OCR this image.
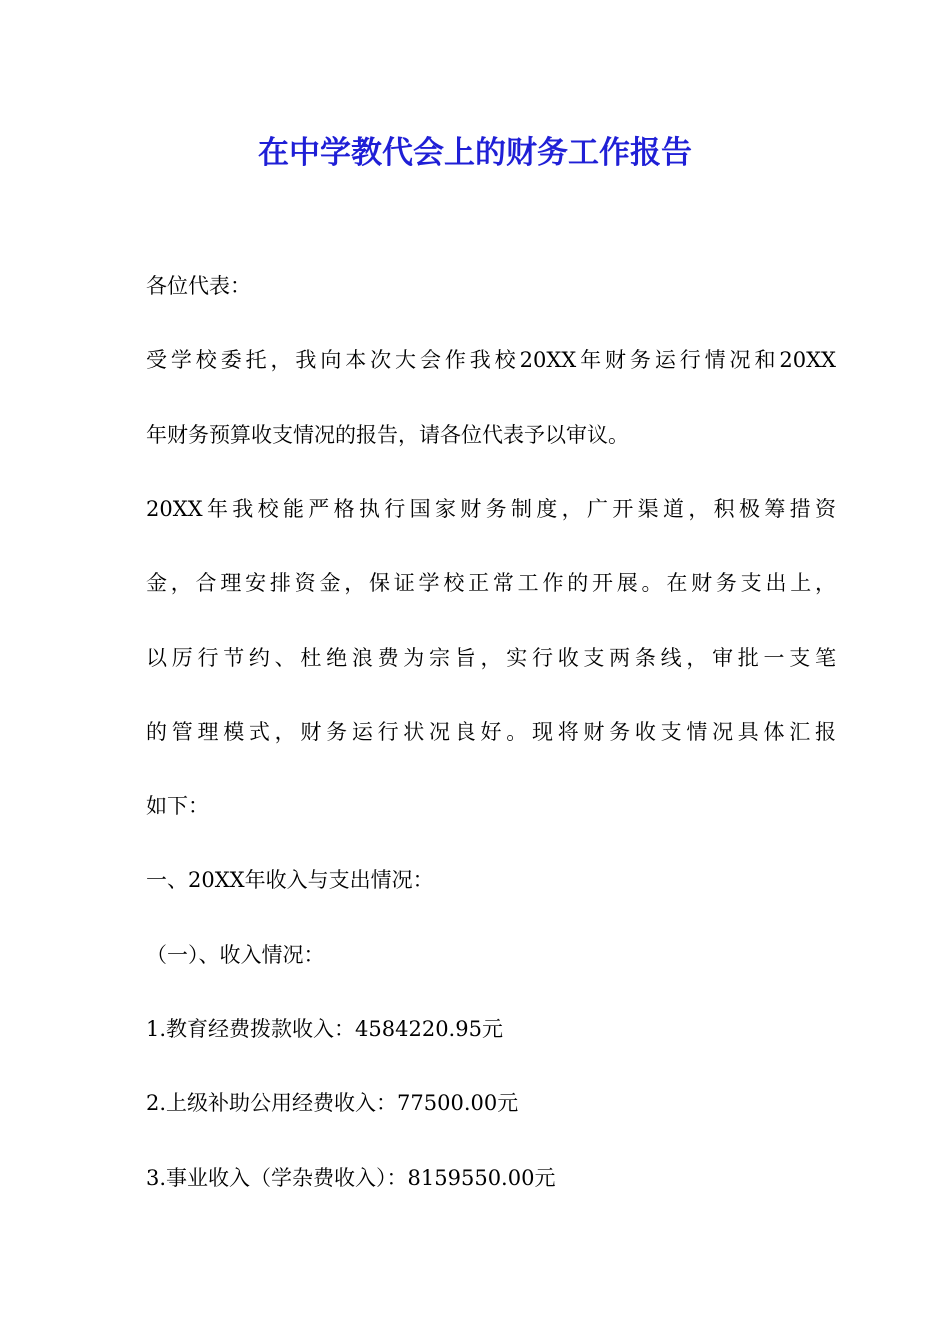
在中学教代会上的财务工作报告
各位代表：
受学校委托，我向本次大会作我校20XX年财务运行情况和20XX
年财务预算收支情况的报告，请各位代表予以审议。
20XX年我校能严格执行国家财务制度，广开渠道，积极筹措资
金，合理安排资金，保证学校正常工作的开展。在财务支出上，
以厉行节约、杜绝浪费为宗旨，实行收支两条线，审批一支笔
的管理模式，财务运行状况良好。现将财务收支情况具体汇报
如下：
一、20XX年收入与支出情况：
（一）、收入情况：
1.教育经费拨款收入：4584220.95元
2.上级补助公用经费收入：77500.00元
3.事业收入（学杂费收入）：8159550.00元
